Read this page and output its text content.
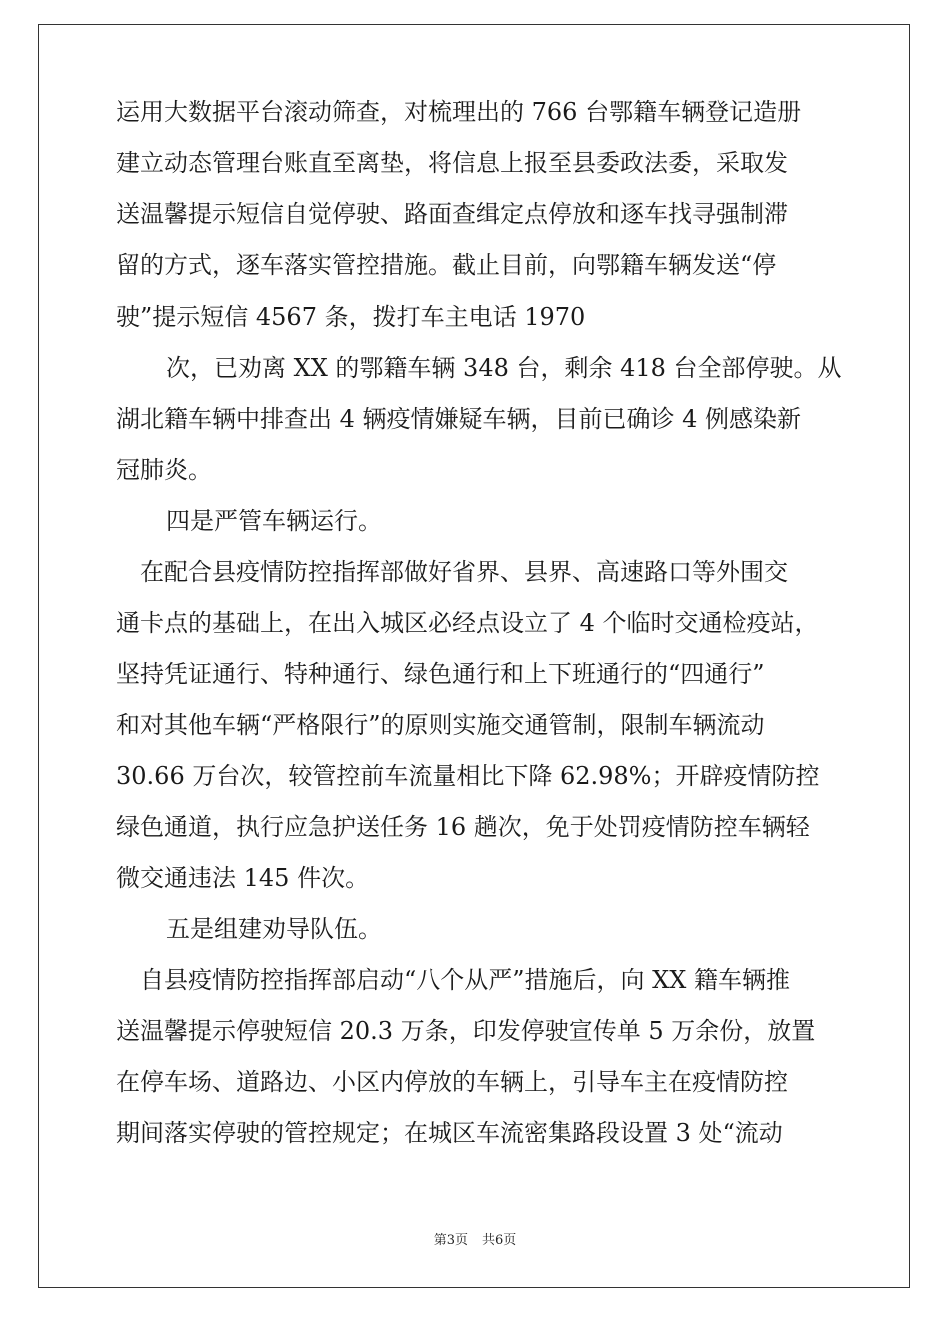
运用大数据平台滚动筛查，对梳理出的 766 台鄂籍车辆登记造册
建立动态管理台账直至离垫，将信息上报至县委政法委，采取发
送温馨提示短信自觉停驶、路面查缉定点停放和逐车找寻强制滞
留的方式，逐车落实管控措施。截止目前，向鄂籍车辆发送“停
驶”提示短信 4567 条，拨打车主电话 1970
次，已劝离 XX 的鄂籍车辆 348 台，剩余 418 台全部停驶。从
湖北籍车辆中排查出 4 辆疫情嫌疑车辆，目前已确诊 4 例感染新
冠肺炎。
四是严管车辆运行。
在配合县疫情防控指挥部做好省界、县界、高速路口等外围交
通卡点的基础上，在出入城区必经点设立了 4 个临时交通检疫站，
坚持凭证通行、特种通行、绿色通行和上下班通行的“四通行”
和对其他车辆“严格限行”的原则实施交通管制，限制车辆流动
30.66 万台次，较管控前车流量相比下降 62.98%；开辟疫情防控
绿色通道，执行应急护送任务 16 趟次，免于处罚疫情防控车辆轻
微交通违法 145 件次。
五是组建劝导队伍。
自县疫情防控指挥部启动“八个从严”措施后，向 XX 籍车辆推
送温馨提示停驶短信 20.3 万条，印发停驶宣传单 5 万余份，放置
在停车场、道路边、小区内停放的车辆上，引导车主在疫情防控
期间落实停驶的管控规定；在城区车流密集路段设置 3 处“流动
第3页 共6页
